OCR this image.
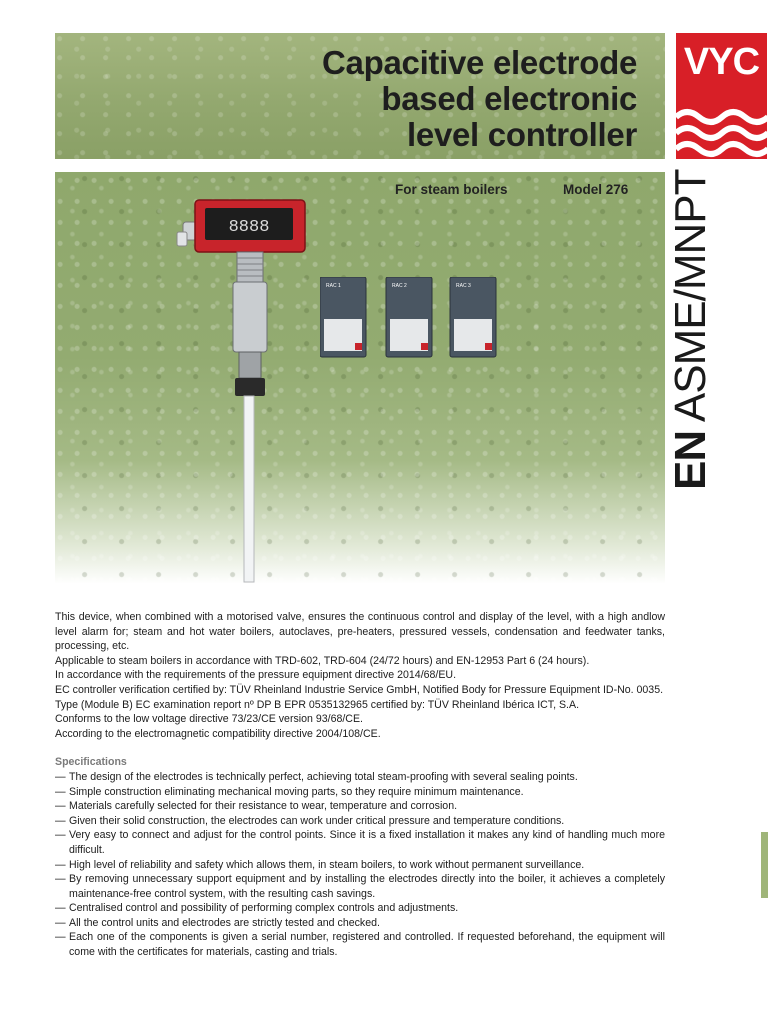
Capacitive electrode
based electronic
level controller
VYC
For steam boilers	Model 276
8888
RAC 1	RAC 2	RAC 3
EN ASME/MNPT

This device, when combined with a motorised valve, ensures the continuous control and display of the level, with a high andlow level alarm for; steam and hot water boilers, autoclaves, pre-heaters, pressured vessels, condensation and feedwater tanks, processing, etc.

Applicable to steam boilers in accordance with TRD-602, TRD-604 (24/72 hours) and EN-12953 Part 6 (24 hours).

In accordance with the requirements of the pressure equipment directive 2014/68/EU.

EC controller verification certified by: TÜV Rheinland Industrie Service GmbH, Notified Body for Pressure Equipment ID-No. 0035.

Type (Module B) EC examination report nº DP B EPR 0535132965 certified by: TÜV Rheinland Ibérica ICT, S.A.

Conforms to the low voltage directive 73/23/CE version 93/68/CE.

According to the electromagnetic compatibility directive 2004/108/CE.

Specifications
— The design of the electrodes is technically perfect, achieving total steam-proofing with several sealing points.
— Simple construction eliminating mechanical moving parts, so they require minimum maintenance.
— Materials carefully selected for their resistance to wear, temperature and corrosion.
— Given their solid construction, the electrodes can work under critical pressure and temperature conditions.
— Very easy to connect and adjust for the control points. Since it is a fixed installation it makes any kind of handling much more difficult.
— High level of reliability and safety which allows them, in steam boilers, to work without permanent surveillance.
— By removing unnecessary support equipment and by installing the electrodes directly into the boiler, it achieves a completely maintenance-free control system, with the resulting cash savings.
— Centralised control and possibility of performing complex controls and adjustments.
— All the control units and electrodes are strictly tested and checked.
— Each one of the components is given a serial number, registered and controlled. If requested beforehand, the equipment will come with the certificates for materials, casting and trials.
